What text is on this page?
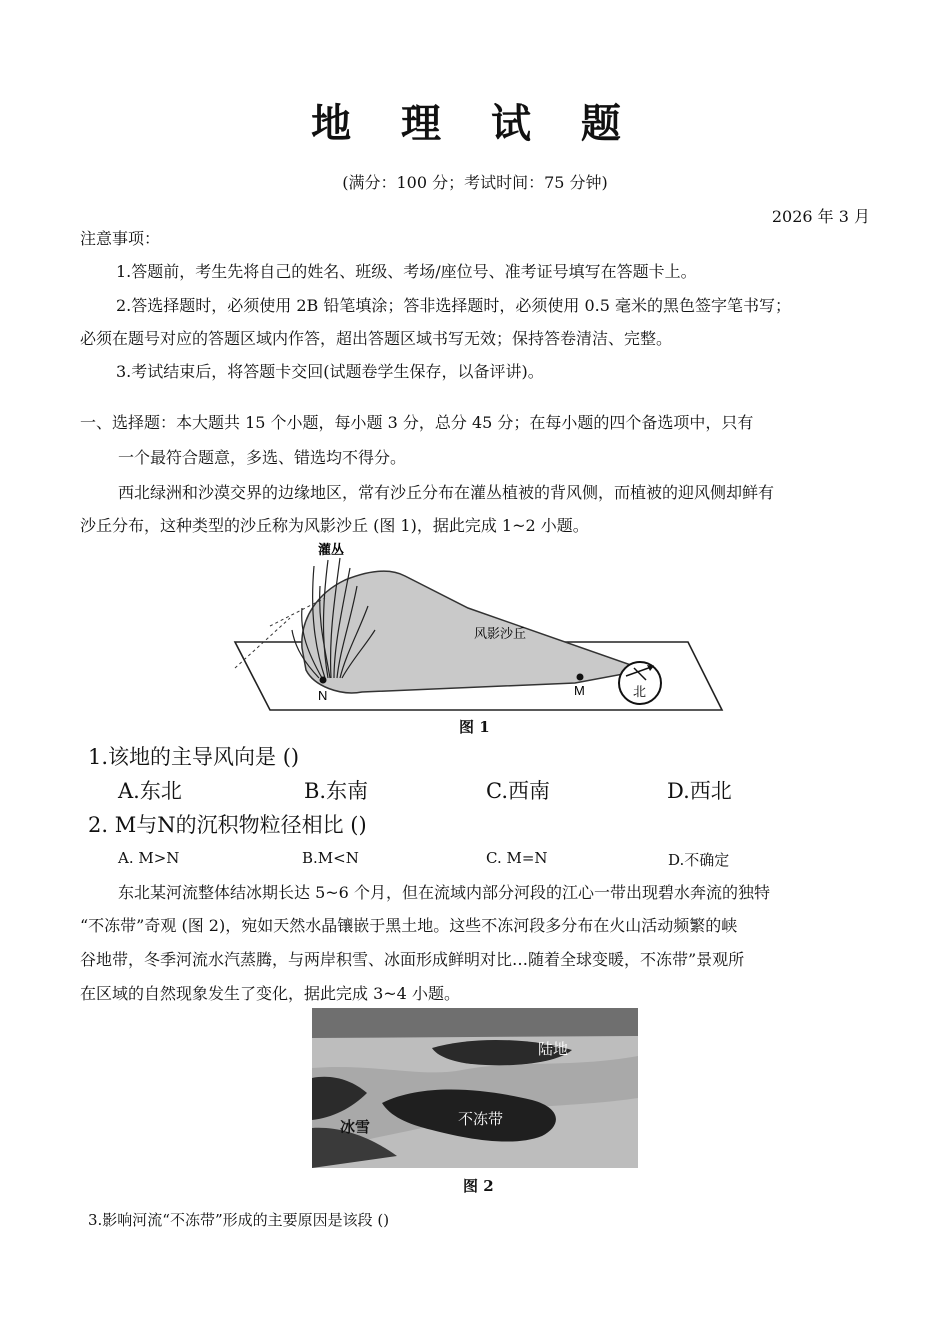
地 理 试 题
(满分：100 分；考试时间：75 分钟)
2026 年 3 月
注意事项：
1.答题前，考生先将自己的姓名、班级、考场/座位号、准考证号填写在答题卡上。
2.答选择题时，必须使用 2B 铅笔填涂；答非选择题时，必须使用 0.5 毫米的黑色签字笔书写；
必须在题号对应的答题区域内作答，超出答题区域书写无效；保持答卷清洁、完整。
3.考试结束后，将答题卡交回(试题卷学生保存，以备评讲)。
一、选择题：本大题共 15 个小题，每小题 3 分，总分 45 分；在每小题的四个备选项中，只有
一个最符合题意，多选、错选均不得分。
西北绿洲和沙漠交界的边缘地区，常有沙丘分布在灌丛植被的背风侧，而植被的迎风侧却鲜有
沙丘分布，这种类型的沙丘称为风影沙丘 (图 1)，据此完成 1~2 小题。
N	M
灌丛
风影沙丘
北
图 1
1.该地的主导风向是 ()
A.东北	B.东南	C.西南	D.西北
2. M与N的沉积物粒径相比 ()
A. M>N	B.M<N	C. M=N	D.不确定
东北某河流整体结冰期长达 5~6 个月，但在流域内部分河段的江心一带出现碧水奔流的独特
“不冻带”奇观 (图 2)，宛如天然水晶镶嵌于黑土地。这些不冻河段多分布在火山活动频繁的峡
谷地带，冬季河流水汽蒸腾，与两岸积雪、冰面形成鲜明对比…随着全球变暖，不冻带”景观所
在区域的自然现象发生了变化，据此完成 3~4 小题。
陆地
不冻带
冰雪
图 2
3.影响河流“不冻带”形成的主要原因是该段 ()
